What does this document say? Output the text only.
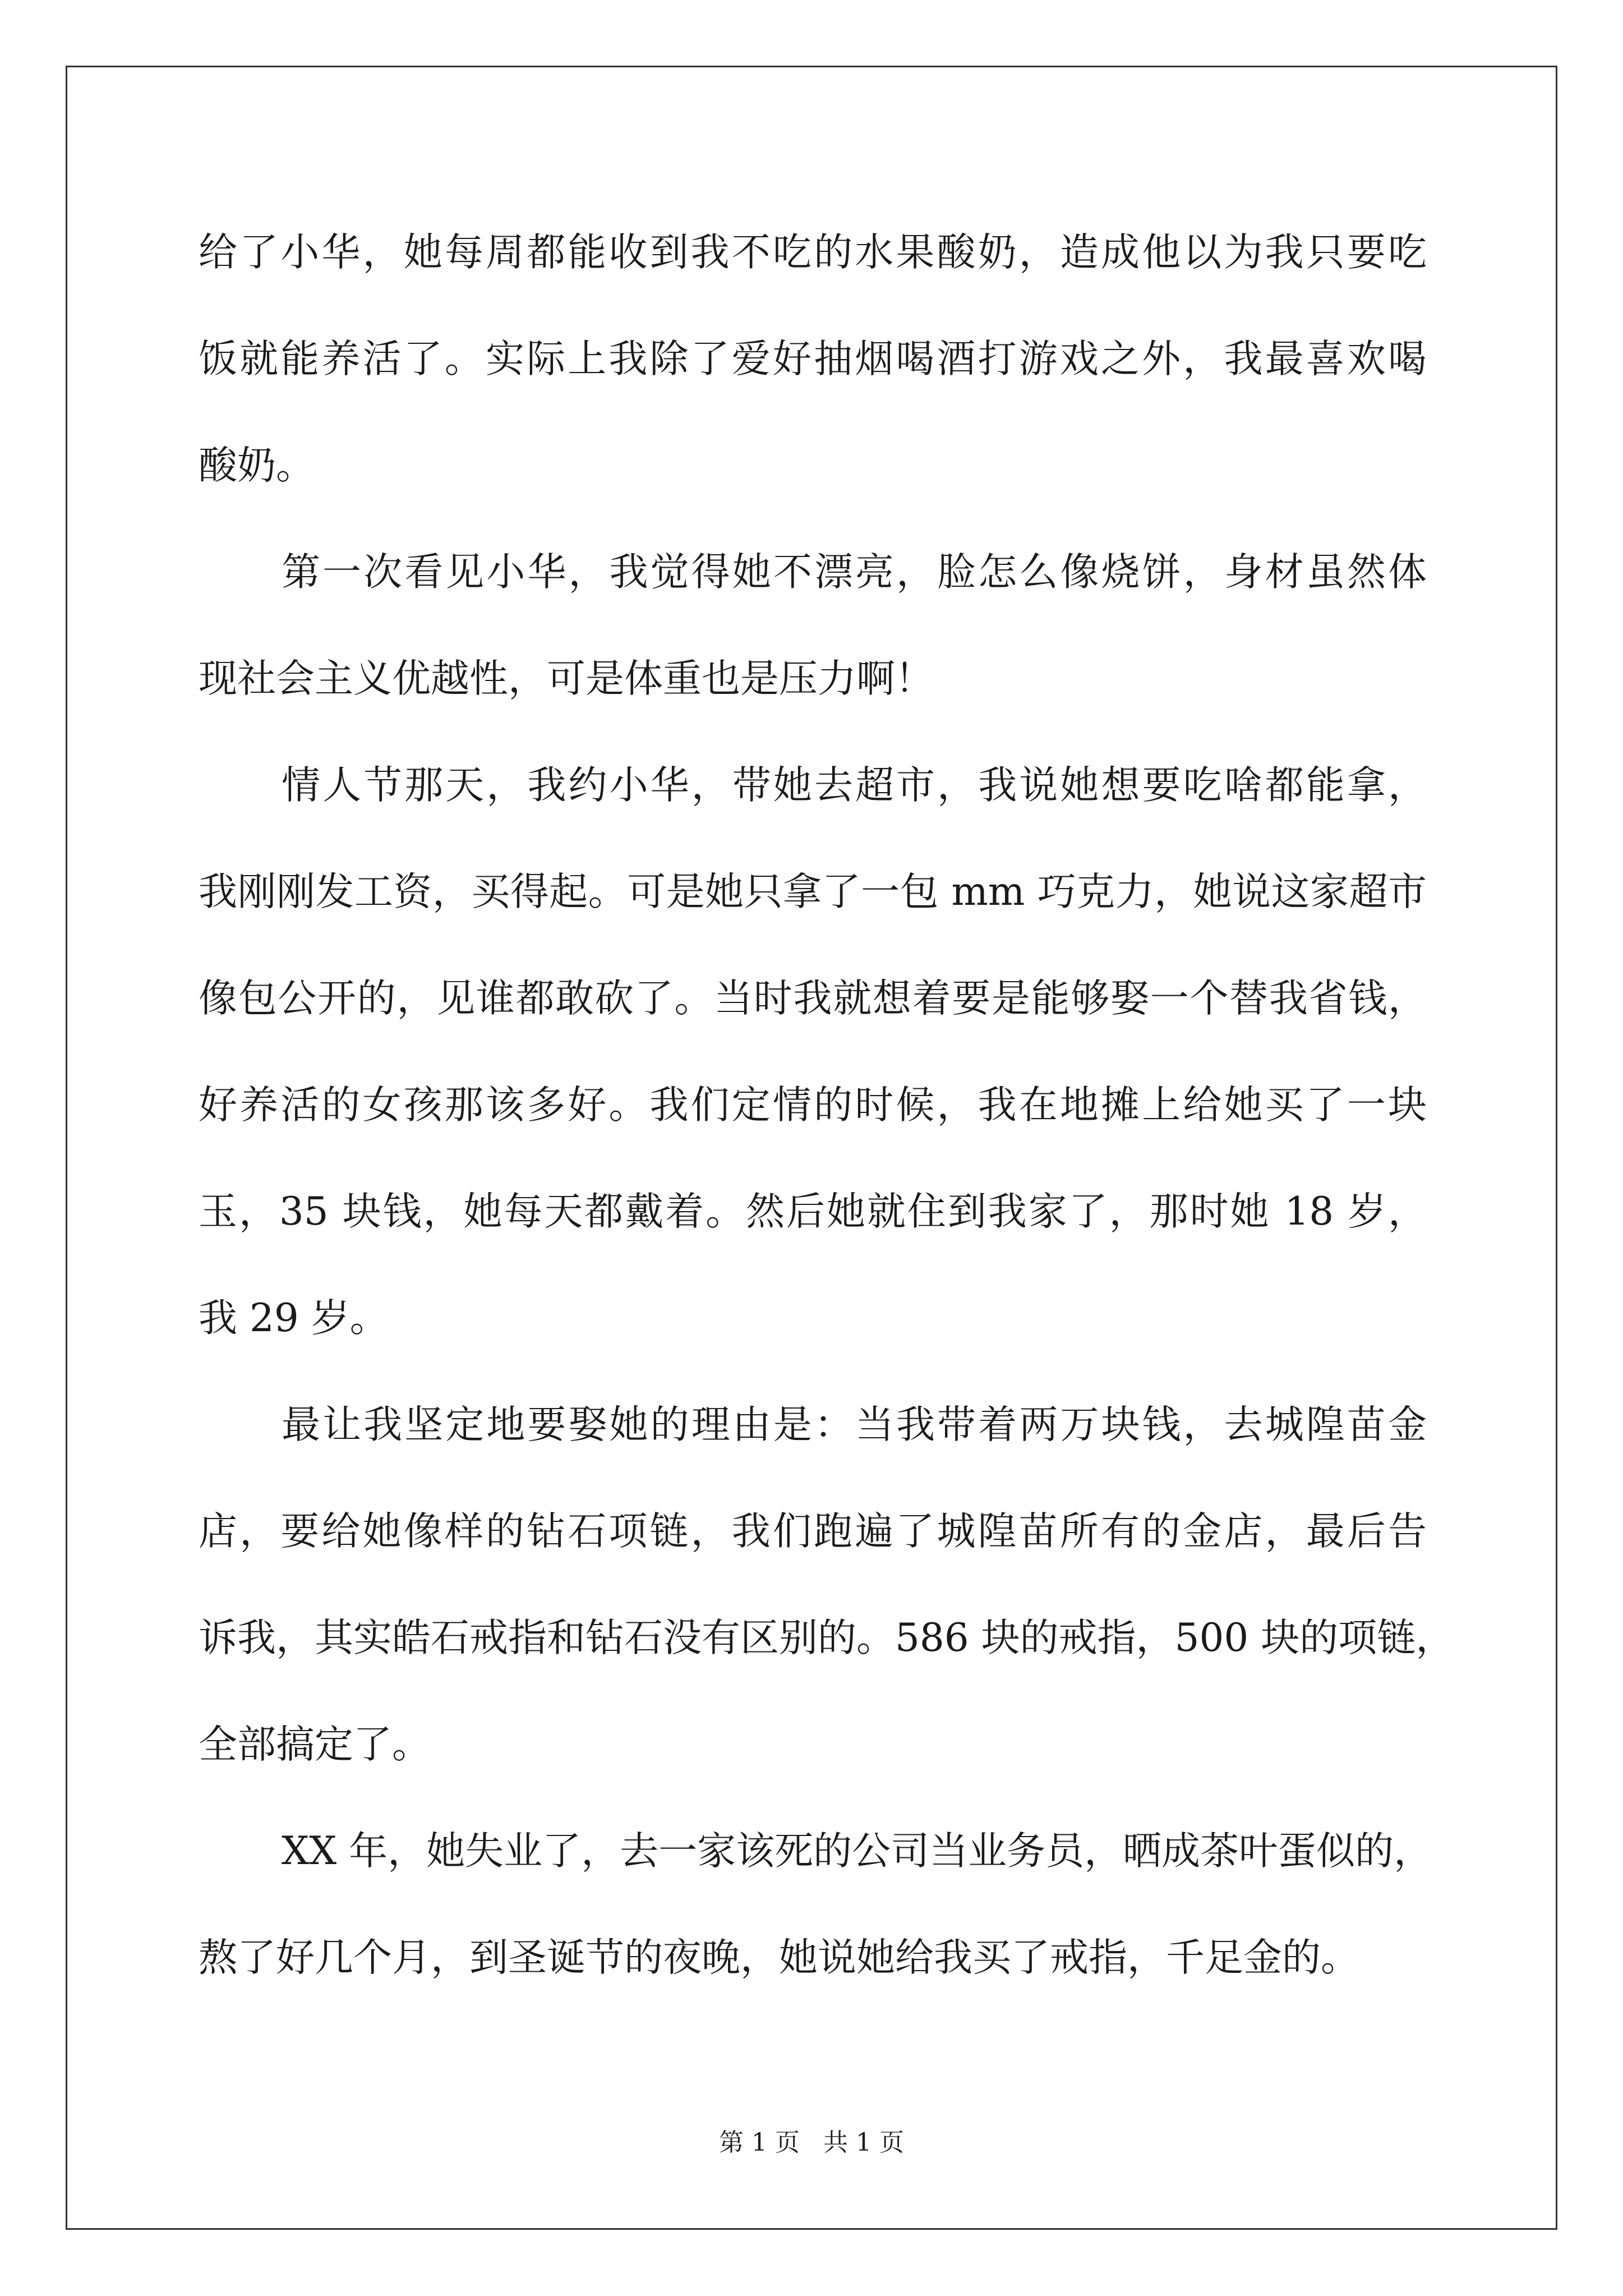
给了小华，她每周都能收到我不吃的水果酸奶，造成他以为我只要吃
饭就能养活了。实际上我除了爱好抽烟喝酒打游戏之外，我最喜欢喝
酸奶。
第一次看见小华，我觉得她不漂亮，脸怎么像烧饼，身材虽然体
现社会主义优越性，可是体重也是压力啊！
情人节那天，我约小华，带她去超市，我说她想要吃啥都能拿，
我刚刚发工资，买得起。可是她只拿了一包 mm 巧克力，她说这家超市
像包公开的，见谁都敢砍了。当时我就想着要是能够娶一个替我省钱，
好养活的女孩那该多好。我们定情的时候，我在地摊上给她买了一块
玉，35 块钱，她每天都戴着。然后她就住到我家了，那时她 18 岁，
我 29 岁。
最让我坚定地要娶她的理由是：当我带着两万块钱，去城隍苗金
店，要给她像样的钻石项链，我们跑遍了城隍苗所有的金店，最后告
诉我，其实皓石戒指和钻石没有区别的。586 块的戒指，500 块的项链，
全部搞定了。
XX 年，她失业了，去一家该死的公司当业务员，晒成茶叶蛋似的，
熬了好几个月，到圣诞节的夜晚，她说她给我买了戒指，千足金的。
第 1 页 共 1 页
